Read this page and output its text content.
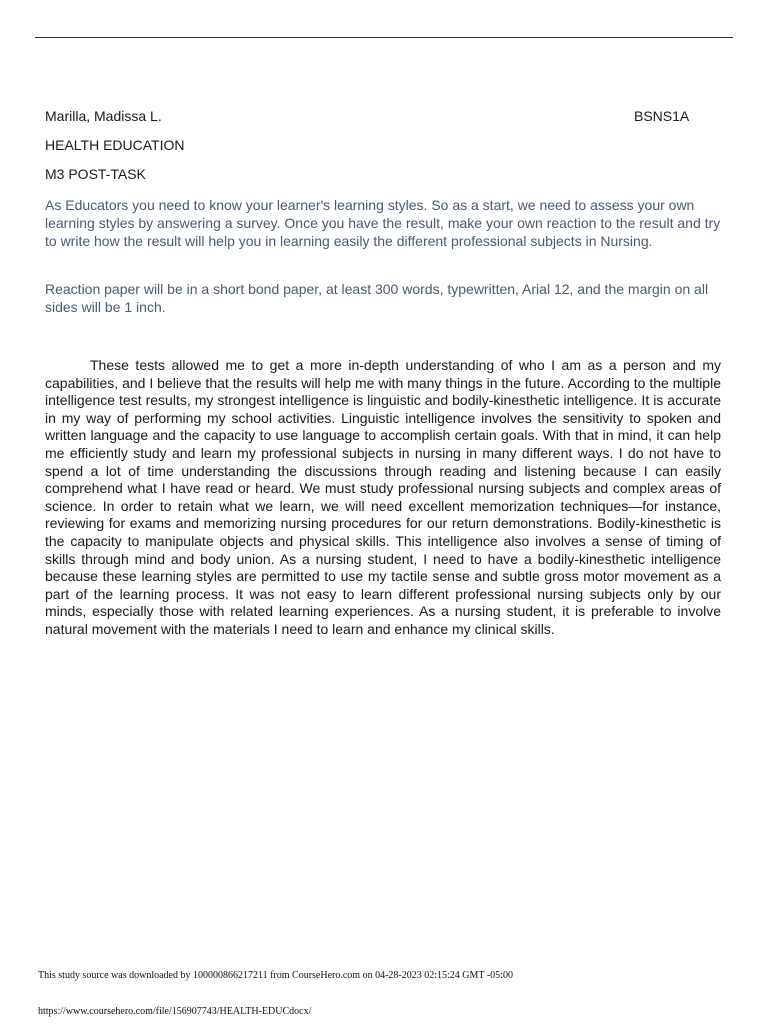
Marilla, Madissa L.	BSNS1A
HEALTH EDUCATION
M3 POST-TASK

As Educators you need to know your learner's learning styles. So as a start, we need to assess your own learning styles by answering a survey. Once you have the result, make your own reaction to the result and try to write how the result will help you in learning easily the different professional subjects in Nursing.

Reaction paper will be in a short bond paper, at least 300 words, typewritten, Arial 12, and the margin on all sides will be 1 inch.

These tests allowed me to get a more in-depth understanding of who I am as a person and my capabilities, and I believe that the results will help me with many things in the future. According to the multiple intelligence test results, my strongest intelligence is linguistic and bodily-kinesthetic intelligence. It is accurate in my way of performing my school activities. Linguistic intelligence involves the sensitivity to spoken and written language and the capacity to use language to accomplish certain goals. With that in mind, it can help me efficiently study and learn my professional subjects in nursing in many different ways. I do not have to spend a lot of time understanding the discussions through reading and listening because I can easily comprehend what I have read or heard. We must study professional nursing subjects and complex areas of science. In order to retain what we learn, we will need excellent memorization techniques—for instance, reviewing for exams and memorizing nursing procedures for our return demonstrations. Bodily-kinesthetic is the capacity to manipulate objects and physical skills. This intelligence also involves a sense of timing of skills through mind and body union. As a nursing student, I need to have a bodily-kinesthetic intelligence because these learning styles are permitted to use my tactile sense and subtle gross motor movement as a part of the learning process. It was not easy to learn different professional nursing subjects only by our minds, especially those with related learning experiences. As a nursing student, it is preferable to involve natural movement with the materials I need to learn and enhance my clinical skills.

This study source was downloaded by 100000866217211 from CourseHero.com on 04-28-2023 02:15:24 GMT -05:00
https://www.coursehero.com/file/156907743/HEALTH-EDUCdocx/
